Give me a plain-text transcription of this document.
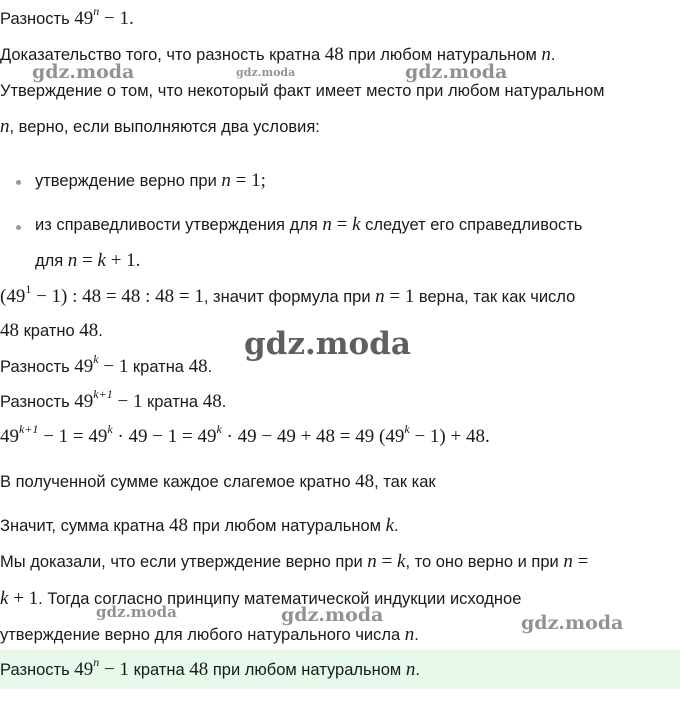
Разность $49^n - 1$.
Доказательство того, что разность кратна 48 при любом натуральном n.
Утверждение о том, что некоторый факт имеет место при любом натуральном
n, верно, если выполняются два условия:
утверждение верно при n = 1;
из справедливости утверждения для n = k следует его справедливость
для n = k + 1.
$(49^1 - 1)$ : 48 = 48 : 48 = 1, значит формула при n = 1 верна, так как число
48 кратно 48.
Разность $49^k - 1$ кратна 48.
Разность $49^{k+1} - 1$ кратна 48.
$49^{k+1} - 1 = 49^k \cdot 49 - 1 = 49^k \cdot 49 - 49 + 48 = 49$ $(49^k - 1) + 48$.
В полученной сумме каждое слагемое кратно 48, так как
Значит, сумма кратна 48 при любом натуральном k.
Мы доказали, что если утверждение верно при n = k, то оно верно и при n =
k + 1. Тогда согласно принципу математической индукции исходное
утверждение верно для любого натурального числа n.
Разность $49^n - 1$ кратна 48 при любом натуральном n.
gdz.moda	gdz.moda	gdz.moda
gdz.moda
gdz.moda	gdz.moda	gdz.moda
